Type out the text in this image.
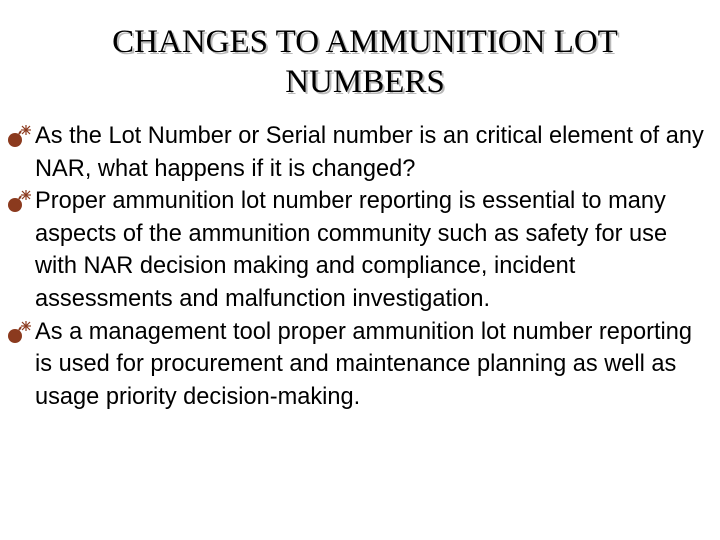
CHANGES TO AMMUNITION LOT NUMBERS
As the Lot Number or Serial number is an critical element of any NAR, what happens if it is changed?
Proper ammunition lot number reporting is essential to many aspects of the ammunition community such as safety for use with NAR decision making and compliance, incident assessments and malfunction investigation.
As a management tool proper ammunition lot number reporting is used for procurement and maintenance planning as well as usage priority decision-making.
